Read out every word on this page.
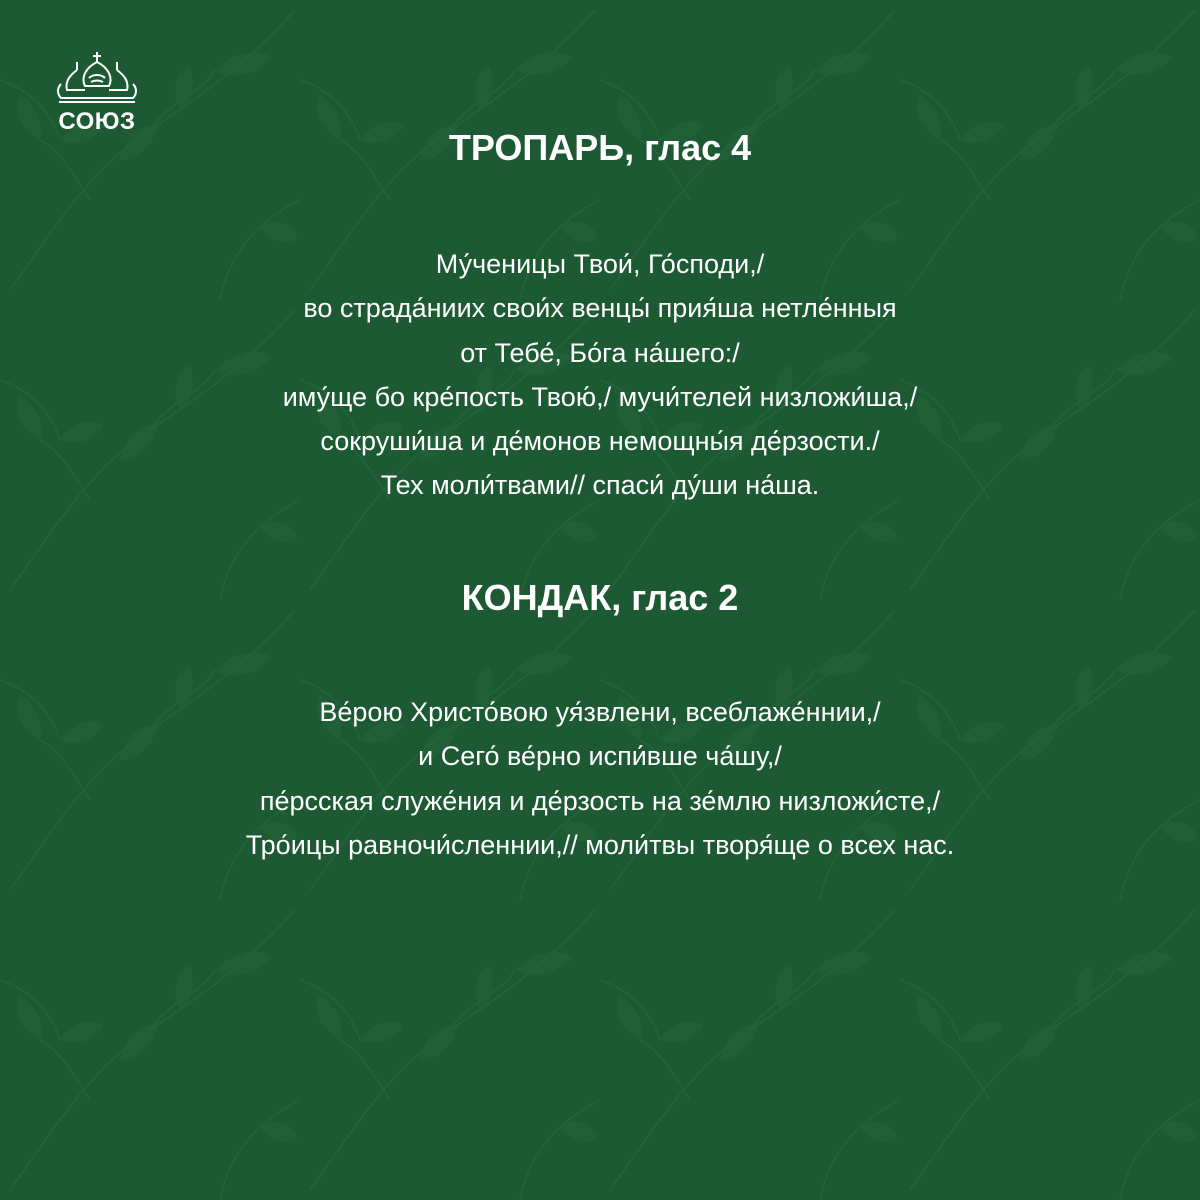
СОЮЗ
ТРОПАРЬ, глас 4
Му́ченицы Твои́, Го́споди,/
во страда́ниих свои́х венцы́ прия́ша нетле́нныя
от Тебе́, Бо́га на́шего:/
иму́ще бо кре́пость Твою́,/ мучи́телей низложи́ша,/
сокруши́ша и де́монов немощны́я де́рзости./
Тех моли́твами// спаси́ ду́ши на́ша.
КОНДАК, глас 2
Ве́рою Христо́вою уя́звлени, всеблаже́ннии,/
и Сего́ ве́рно испи́вше ча́шу,/
пе́рсская служе́ния и де́рзость на зе́млю низложи́сте,/
Тро́ицы равночи́сленнии,// моли́твы творя́ще о всех нас.
